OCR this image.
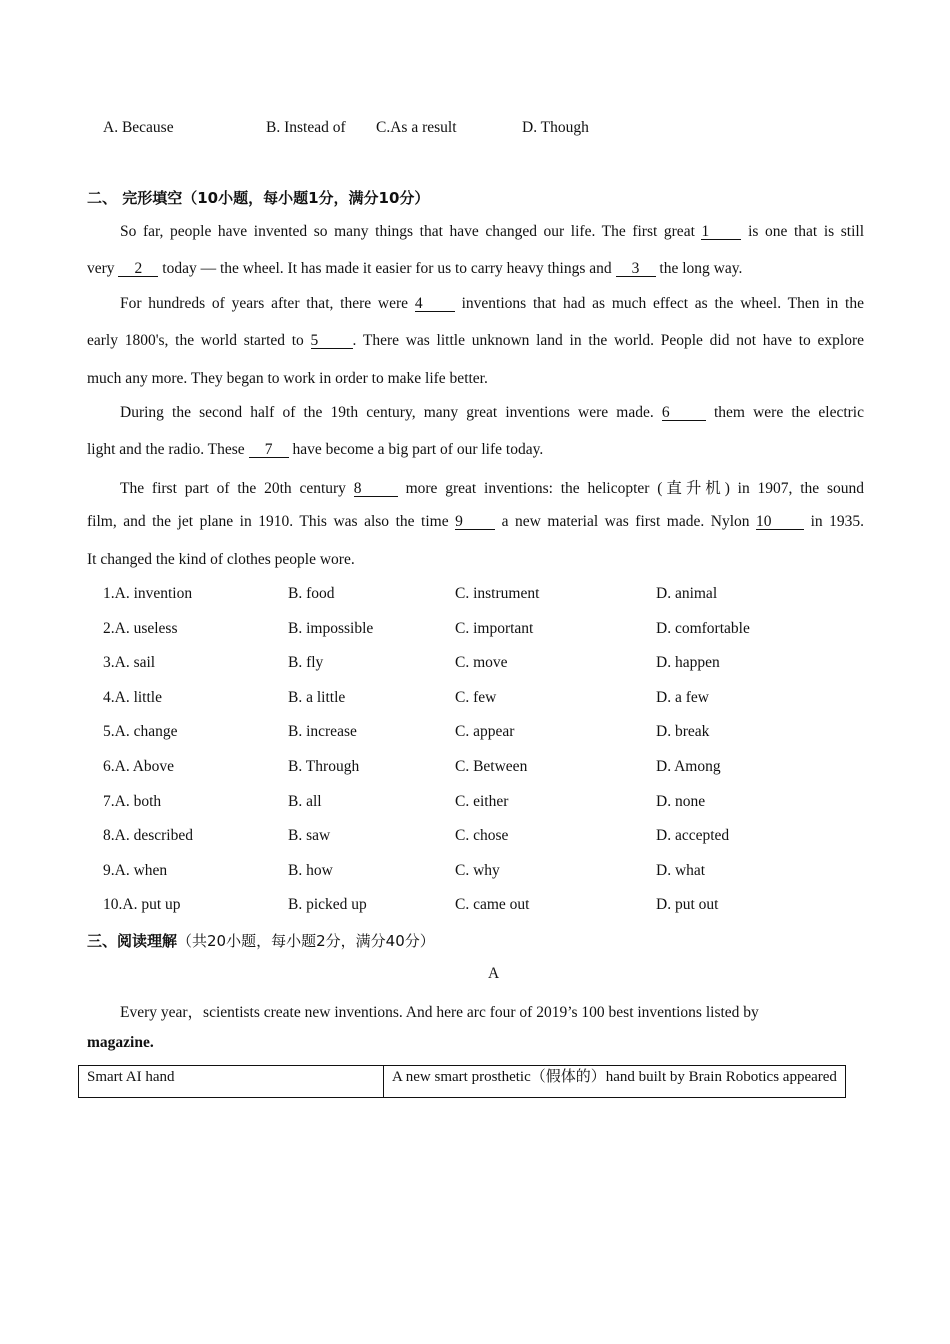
A. Because	B. Instead of C.As a result	D. Though
二、 完形填空（10小题，每小题1分，满分10分）
So far, people have invented so many things that have changed our life. The first great 1	is one that is still
very 2 today — the wheel. It has made it easier for us to carry heavy things and 3 the long way.
For hundreds of years after that, there were 4	inventions that had as much effect as the wheel. Then in the
early 1800's, the world started to 5 . There was little unknown land in the world. People did not have to explore
much any more. They began to work in order to make life better.
During the second half of the 19th century, many great inventions were made. 6	them were the electric
light and the radio. These 7 have become a big part of our life today.
The first part of the 20th century 8	more great inventions: the helicopter (直升机) in 1907, the sound
film, and the jet plane in 1910. This was also the time 9	a new material was first made. Nylon 10	in 1935.
It changed the kind of clothes people wore.
1.A. invention	B. food	C. instrument	D. animal
2.A. useless	B. impossible	C. important	D. comfortable
3.A. sail	B. fly	C. move	D. happen
4.A. little	B. a little	C. few	D. a few
5.A. change	B. increase	C. appear	D. break
6.A. Above	B. Through	C. Between	D. Among
7.A. both	B. all	C. either	D. none
8.A. described	B. saw	C. chose	D. accepted
9.A. when	B. how	C. why	D. what
10.A. put up	B. picked up	C. came out	D. put out
三、阅读理解（共20小题，每小题2分，满分40分）
A
Every year，scientists create new inventions. And here arc four of 2019’s 100 best inventions listed by
magazine.
Smart AI hand	A new smart prosthetic（假体的）hand built by Brain Robotics appeared
